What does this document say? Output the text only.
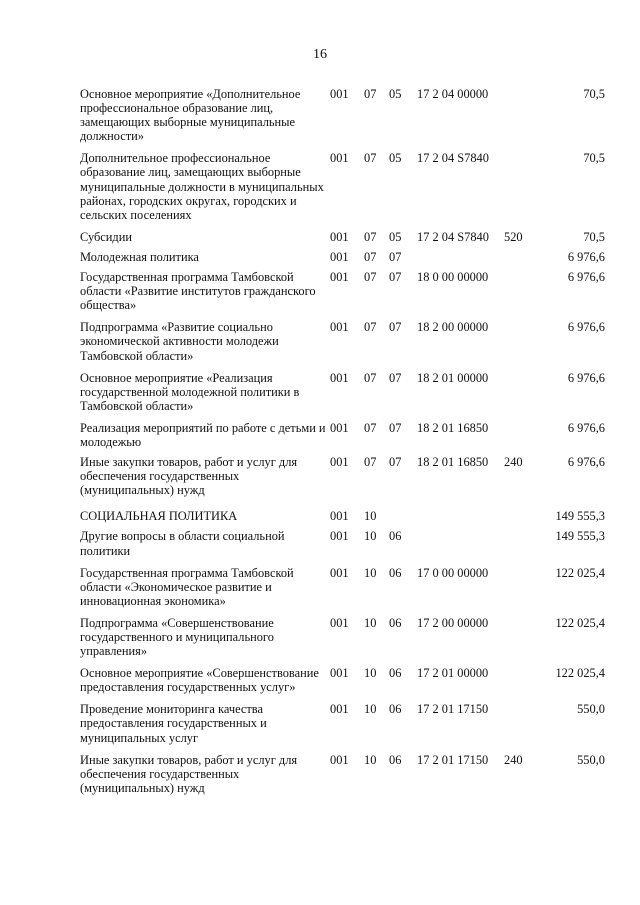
16
Основное мероприятие «Дополнительное профессиональное образование лиц, замещающих выборные муниципальные должности»
001	07	05	17 2 04 00000	70,5
Дополнительное профессиональное образование лиц, замещающих выборные муниципальные должности в муниципальных районах, городских округах, городских и сельских поселениях
001	07	05	17 2 04 S7840	70,5
Субсидии	001	07	05	17 2 04 S7840	520	70,5
Молодежная политика	001	07	07	6 976,6
Государственная программа Тамбовской области «Развитие институтов гражданского общества»
001	07	07	18 0 00 00000	6 976,6
Подпрограмма «Развитие социально экономической активности молодежи Тамбовской области»
001	07	07	18 2 00 00000	6 976,6
Основное мероприятие «Реализация государственной молодежной политики в Тамбовской области»
001	07	07	18 2 01 00000	6 976,6
Реализация мероприятий по работе с детьми и молодежью
001	07	07	18 2 01 16850	6 976,6
Иные закупки товаров, работ и услуг для обеспечения государственных (муниципальных) нужд
001	07	07	18 2 01 16850	240	6 976,6
СОЦИАЛЬНАЯ ПОЛИТИКА	001	10	149 555,3
Другие вопросы в области социальной политики
001	10	06	149 555,3
Государственная программа Тамбовской области «Экономическое развитие и инновационная экономика»
001	10	06	17 0 00 00000	122 025,4
Подпрограмма «Совершенствование государственного и муниципального управления»
001	10	06	17 2 00 00000	122 025,4
Основное мероприятие «Совершенствование предоставления государственных услуг»
001	10	06	17 2 01 00000	122 025,4
Проведение мониторинга качества предоставления государственных и муниципальных услуг
001	10	06	17 2 01 17150	550,0
Иные закупки товаров, работ и услуг для обеспечения государственных (муниципальных) нужд
001	10	06	17 2 01 17150	240	550,0
